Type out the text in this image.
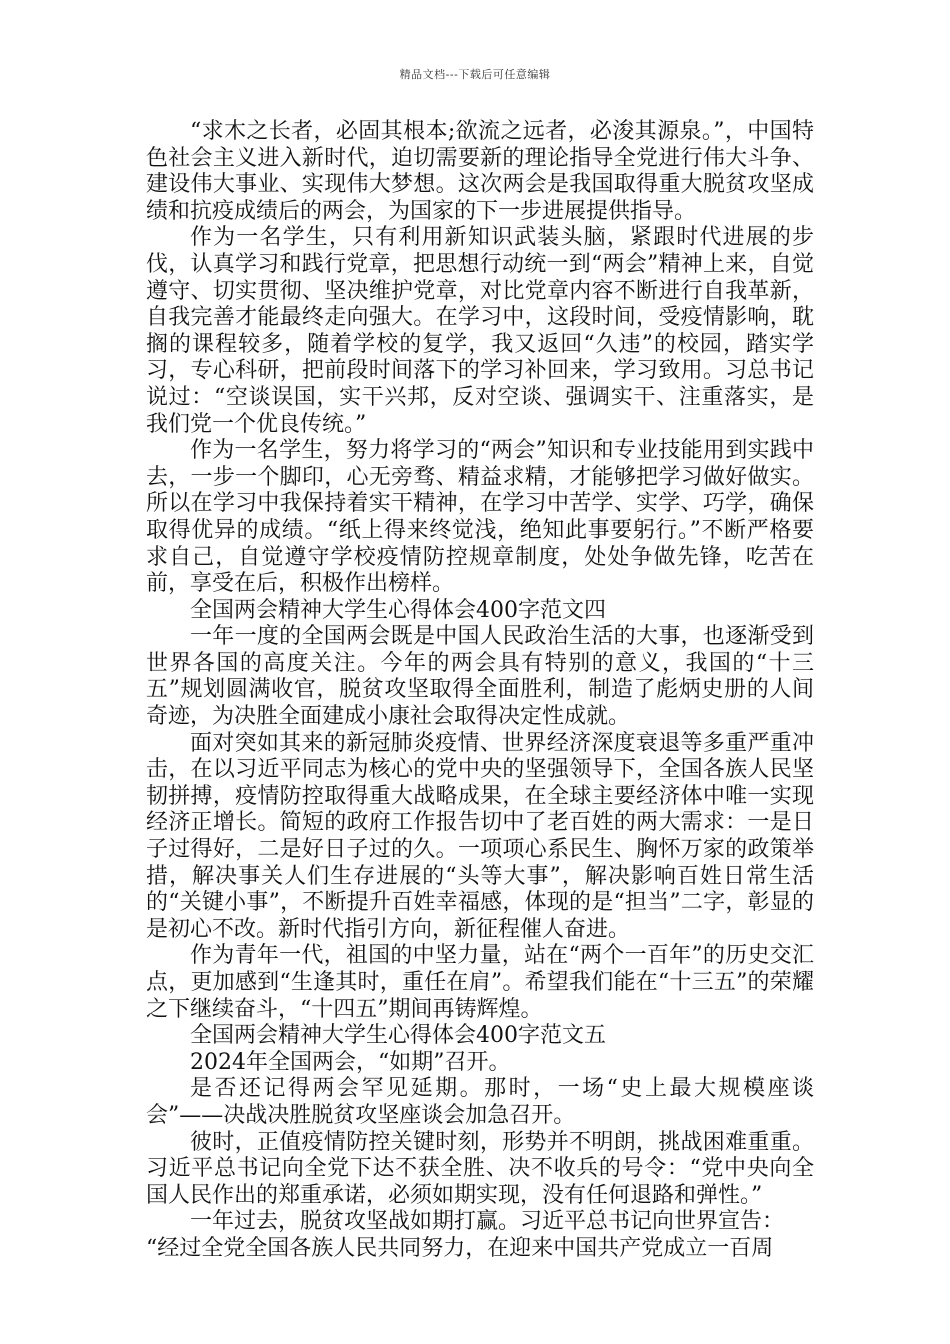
精品文档---下载后可任意编辑

“求木之长者，必固其根本;欲流之远者，必浚其源泉。”，中国特色社会主义进入新时代，迫切需要新的理论指导全党进行伟大斗争、建设伟大事业、实现伟大梦想。这次两会是我国取得重大脱贫攻坚成绩和抗疫成绩后的两会，为国家的下一步进展提供指导。

作为一名学生，只有利用新知识武装头脑，紧跟时代进展的步伐，认真学习和践行党章，把思想行动统一到“两会”精神上来，自觉遵守、切实贯彻、坚决维护党章，对比党章内容不断进行自我革新，自我完善才能最终走向强大。在学习中，这段时间，受疫情影响，耽搁的课程较多，随着学校的复学，我又返回“久违”的校园，踏实学习，专心科研，把前段时间落下的学习补回来，学习致用。习总书记说过：“空谈误国，实干兴邦，反对空谈、强调实干、注重落实，是我们党一个优良传统。”

作为一名学生，努力将学习的“两会”知识和专业技能用到实践中去，一步一个脚印，心无旁骛、精益求精，才能够把学习做好做实。所以在学习中我保持着实干精神，在学习中苦学、实学、巧学，确保取得优异的成绩。“纸上得来终觉浅，绝知此事要躬行。”不断严格要求自己，自觉遵守学校疫情防控规章制度，处处争做先锋，吃苦在前，享受在后，积极作出榜样。

全国两会精神大学生心得体会400字范文四

一年一度的全国两会既是中国人民政治生活的大事，也逐渐受到世界各国的高度关注。今年的两会具有特别的意义，我国的“十三五”规划圆满收官，脱贫攻坚取得全面胜利，制造了彪炳史册的人间奇迹，为决胜全面建成小康社会取得决定性成就。

面对突如其来的新冠肺炎疫情、世界经济深度衰退等多重严重冲击，在以习近平同志为核心的党中央的坚强领导下，全国各族人民坚韧拼搏，疫情防控取得重大战略成果，在全球主要经济体中唯一实现经济正增长。简短的政府工作报告切中了老百姓的两大需求：一是日子过得好，二是好日子过的久。一项项心系民生、胸怀万家的政策举措，解决事关人们生存进展的“头等大事”，解决影响百姓日常生活的“关键小事”，不断提升百姓幸福感，体现的是“担当”二字，彰显的是初心不改。新时代指引方向，新征程催人奋进。

作为青年一代，祖国的中坚力量，站在“两个一百年”的历史交汇点，更加感到“生逢其时，重任在肩”。希望我们能在“十三五”的荣耀之下继续奋斗，“十四五”期间再铸辉煌。

全国两会精神大学生心得体会400字范文五

2024年全国两会，“如期”召开。

是否还记得两会罕见延期。那时，一场“史上最大规模座谈会”——决战决胜脱贫攻坚座谈会加急召开。

彼时，正值疫情防控关键时刻，形势并不明朗，挑战困难重重。习近平总书记向全党下达不获全胜、决不收兵的号令：“党中央向全国人民作出的郑重承诺，必须如期实现，没有任何退路和弹性。”

一年过去，脱贫攻坚战如期打赢。习近平总书记向世界宣告：

“经过全党全国各族人民共同努力，在迎来中国共产党成立一百周
